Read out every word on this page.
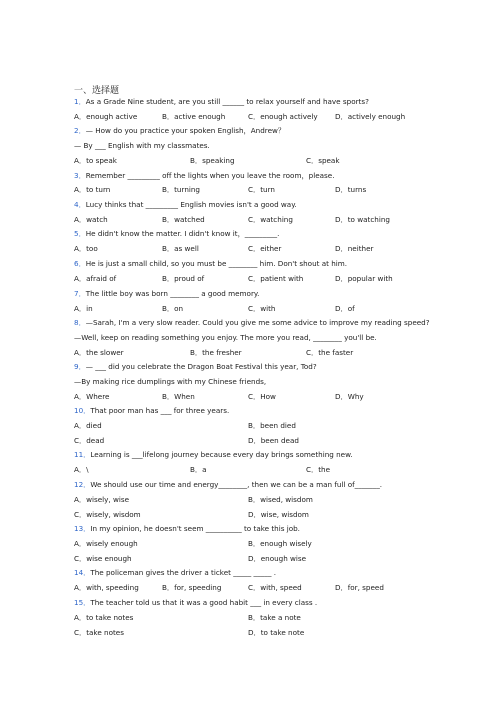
一、选择题
1．As a Grade Nine student, are you still ______ to relax yourself and have sports?
A．enough active	B．active enough	C．enough actively D．actively enough
2．— How do you practice your spoken English，Andrew？
— By ___ English with my classmates.
A．to speak	B．speaking	C．speak
3．Remember _________ off the lights when you leave the room，please.
A．to turn	B．turning	C．turn	D．turns
4．Lucy thinks that _________ English movies isn't a good way.
A．watch	B．watched	C．watching	D．to watching
5．He didn't know the matter. I didn't know it，_________.
A．too	B．as well	C．either	D．neither
6．He is just a small child, so you must be ________ him. Don't shout at him.
A．afraid of	B．proud of	C．patient with	D．popular with
7．The little boy was born ________ a good memory.
A．in	B．on	C．with	D．of
8．—Sarah, I'm a very slow reader. Could you give me some advice to improve my reading speed?
—Well, keep on reading something you enjoy. The more you read, ________ you'll be.
A．the slower	B．the fresher	C．the faster
9．— ___ did you celebrate the Dragon Boat Festival this year, Tod?
—By making rice dumplings with my Chinese friends,
A．Where	B．When	C．How	D．Why
10．That poor man has ___ for three years.
A．died	B．been died
C．dead	D．been dead
11．Learning is ___lifelong journey because every day brings something new.
A．\	B．a	C．the
12．We should use our time and energy________, then we can be a man full of_______.
A．wisely, wise	B．wised, wisdom
C．wisely, wisdom	D．wise, wisdom
13．In my opinion, he doesn't seem __________ to take this job.
A．wisely enough	B．enough wisely
C．wise enough	D．enough wise
14．The policeman gives the driver a ticket _____ _____ .
A．with, speeding	B．for, speeding	C．with, speed	D．for, speed
15．The teacher told us that it was a good habit ___ in every class .
A．to take notes	B．take a note
C．take notes	D．to take note
